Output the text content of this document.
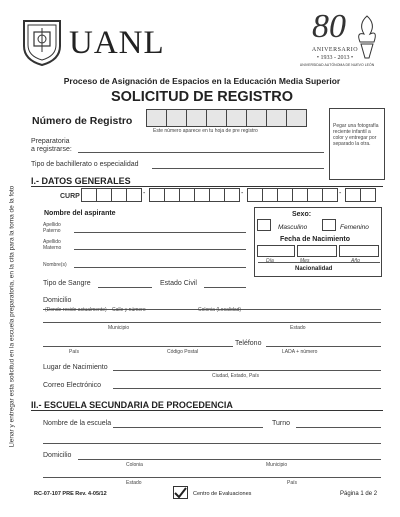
UANL	80
ANIVERSARIO
• 1933 - 2013 •
UNIVERSIDAD AUTÓNOMA DE NUEVO LEÓN
Proceso de Asignación de Espacios en la Educación Media Superior
SOLICITUD DE REGISTRO
Número de Registro
Este número aparece en tu hoja de pre registro
Pegar una fotografía reciente infantil a color y entregar por separado la otra.
Preparatoria
a registrarse:
Tipo de bachillerato o especialidad
I.- DATOS GENERALES
CURP	-	-	-
Nombre del aspirante
Apellido Paterno
Apellido Materno
Nombre(s)
Sexo:
Masculino	Femenino
Fecha de Nacimiento
Día	Mes	Año
Nacionalidad
Tipo de Sangre	Estado Civil
Domicilio
(Donde reside actualmente) Calle y número	Colonia (Localidad)
Municipio	Estado
Teléfono
País	Código Postal	LADA + número
Lugar de Nacimiento
Ciudad, Estado, País
Correo Electrónico
II.- ESCUELA SECUNDARIA DE PROCEDENCIA
Nombre de la escuela	Turno
Domicilio
Colonia	Municipio
Estado	País
Llenar y entregar esta solicitud en la escuela preparatoria, en la cita para la toma de la foto
RC-07-107 PRE Rev. 4-05/12	Centro de Evaluaciones	Página 1 de 2
